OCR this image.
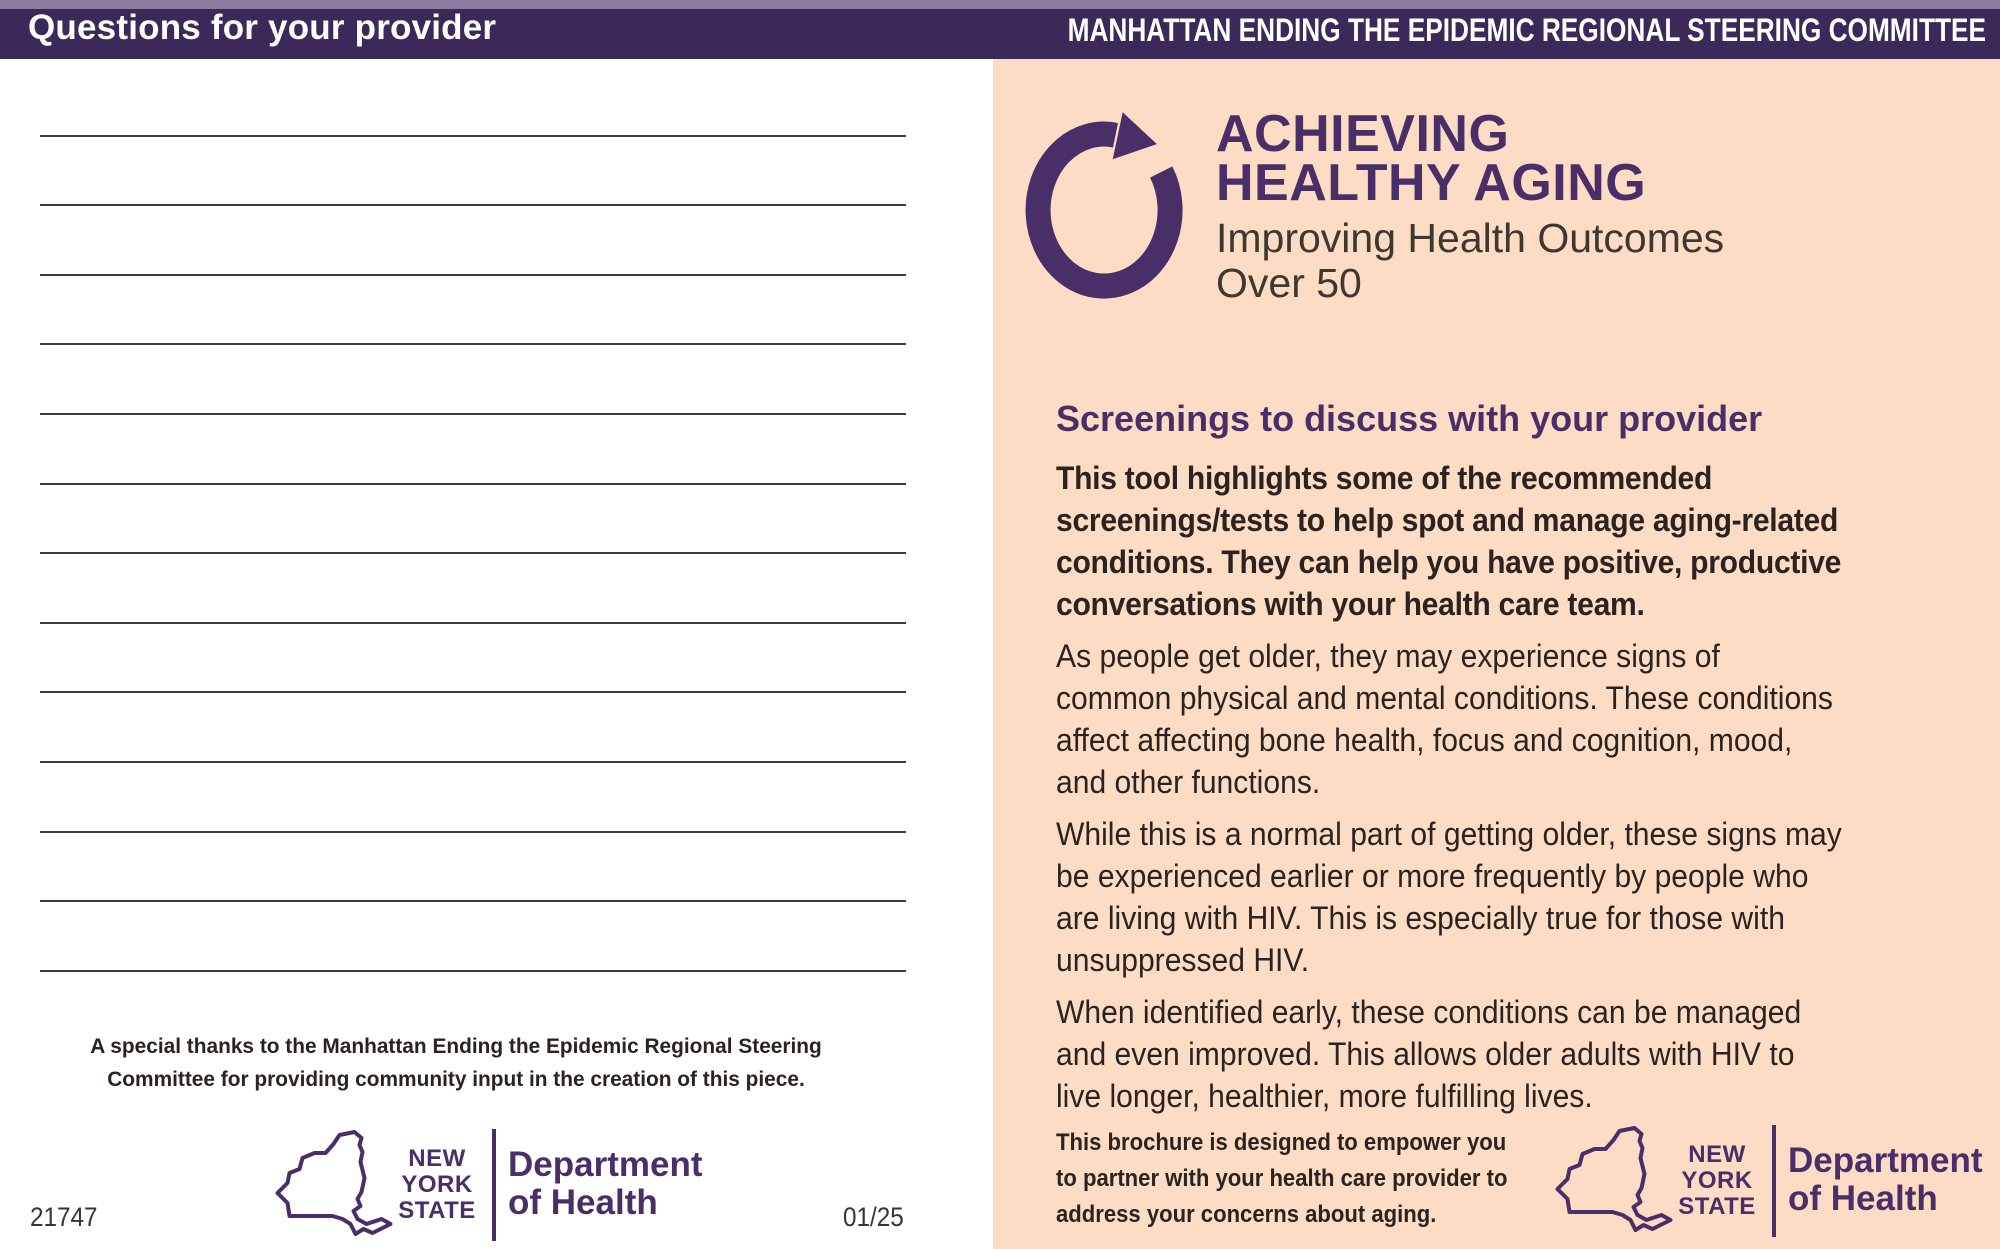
Questions for your provider	MANHATTAN ENDING THE EPIDEMIC REGIONAL STEERING COMMITTEE
A special thanks to the Manhattan Ending the Epidemic Regional Steering
Committee for providing community input in the creation of this piece.
21747	01/25
NEW
YORK
STATE
Department
of Health
ACHIEVING
HEALTHY AGING
Improving Health Outcomes
Over 50
Screenings to discuss with your provider

This tool highlights some of the recommended
screenings/tests to help spot and manage aging-related
conditions. They can help you have positive, productive
conversations with your health care team.

As people get older, they may experience signs of
common physical and mental conditions. These conditions
affect affecting bone health, focus and cognition, mood,
and other functions.

While this is a normal part of getting older, these signs may
be experienced earlier or more frequently by people who
are living with HIV. This is especially true for those with
unsuppressed HIV.

When identified early, these conditions can be managed
and even improved. This allows older adults with HIV to
live longer, healthier, more fulfilling lives.

This brochure is designed to empower you
to partner with your health care provider to
address your concerns about aging.
NEW
YORK
STATE
Department
of Health
